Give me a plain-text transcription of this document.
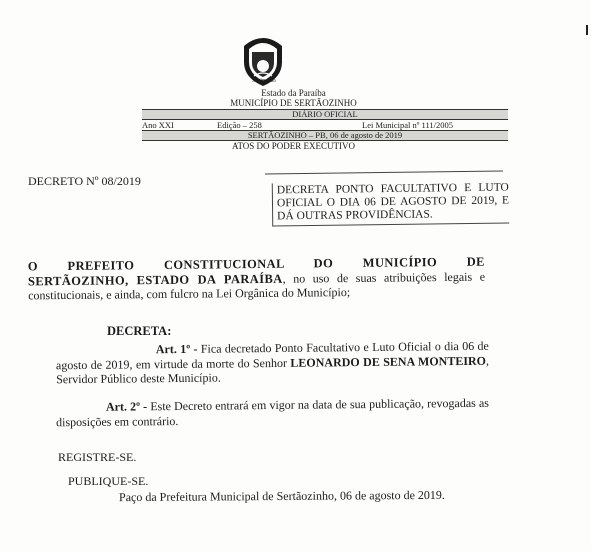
Sertãozinho
Estado da Paraíba
MUNICÍPIO DE SERTÃOZINHO
DIÁRIO OFICIAL
Ano XXI	Edição – 258	Lei Municipal nº 111/2005
SERTÃOZINHO – PB, 06 de agosto de 2019
ATOS DO PODER EXECUTIVO
DECRETO Nº 08/2019
DECRETA PONTO FACULTATIVO E LUTO OFICIAL O DIA 06 DE AGOSTO DE 2019, E DÁ OUTRAS PROVIDÊNCIAS.
O PREFEITO CONSTITUCIONAL DO MUNICÍPIO DE
SERTÃOZINHO, ESTADO DA PARAÍBA, no uso de suas atribuições legais e
constitucionais, e ainda, com fulcro na Lei Orgânica do Município;
DECRETA:
Art. 1º - Fica decretado Ponto Facultativo e Luto Oficial o dia 06 de agosto de 2019, em virtude da morte do Senhor LEONARDO DE SENA MONTEIRO, Servidor Público deste Município.
Art. 2º - Este Decreto entrará em vigor na data de sua publicação, revogadas as disposições em contrário.
REGISTRE-SE.
PUBLIQUE-SE.
Paço da Prefeitura Municipal de Sertãozinho, 06 de agosto de 2019.
